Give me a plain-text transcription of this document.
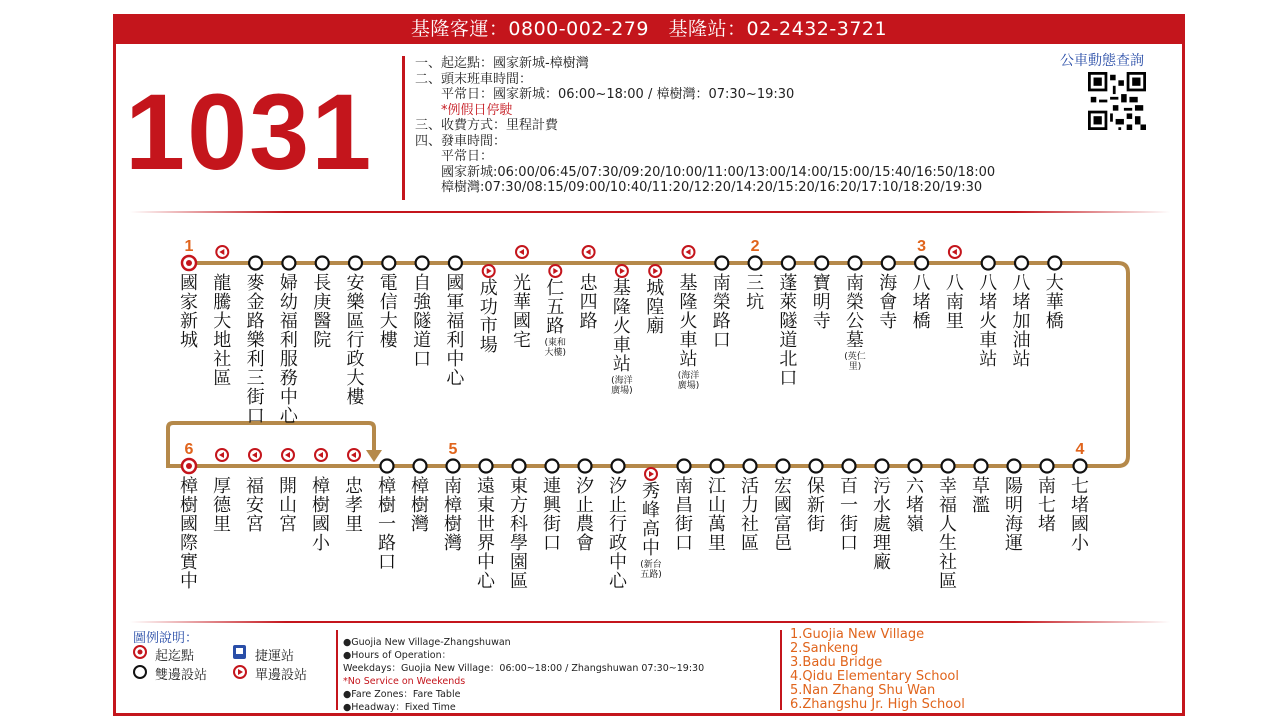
基隆客運：0800-002-279　基隆站：02-2432-3721
1031
一、起迄點：國家新城-樟樹灣
二、頭末班車時間：
　　平常日：國家新城：06:00~18:00 / 樟樹灣：07:30~19:30
　　*例假日停駛
三、收費方式：里程計費
四、發車時間：
　　平常日：
　　國家新城:06:00/06:45/07:30/09:20/10:00/11:00/13:00/14:00/15:00/15:40/16:50/18:00
　　樟樹灣:07:30/08:15/09:00/10:40/11:20/12:20/14:20/15:20/16:20/17:10/18:20/19:30
公車動態查詢
1	2	3
6	5	4
國家新城
龍騰大地社區
麥金路樂利三街口
婦幼福利服務中心
長庚醫院
安樂區行政大樓
電信大樓
自強隧道口
國軍福利中心
成功市場
光華國宅
仁五路
(東和大樓)
忠四路
基隆火車站
(海洋廣場)
城隍廟
基隆火車站
(海洋廣場)
南榮路口
三坑
蓬萊隧道北口
寶明寺
南榮公墓
(英仁里)
海會寺
八堵橋
八南里
八堵火車站
八堵加油站
大華橋
樟樹國際實中
厚德里
福安宮
開山宮
樟樹國小
忠孝里
樟樹一路口
樟樹灣
南樟樹灣
遠東世界中心
東方科學園區
連興街口
汐止農會
汐止行政中心
秀峰高中
(新台五路)
南昌街口
江山萬里
活力社區
宏國富邑
保新街
百一街口
污水處理廠
六堵嶺
幸福人生社區
草濫
陽明海運
南七堵
七堵國小
圖例說明：
起迄點
雙邊設站
捷運站
單邊設站
●Guojia New Village-Zhangshuwan
●Hours of Operation：
Weekdays：Guojia New Village：06:00~18:00 / Zhangshuwan 07:30~19:30
*No Service on Weekends
●Fare Zones：Fare Table
●Headway：Fixed Time
1.Guojia New Village
2.Sankeng
3.Badu Bridge
4.Qidu Elementary School
5.Nan Zhang Shu Wan
6.Zhangshu Jr. High School
